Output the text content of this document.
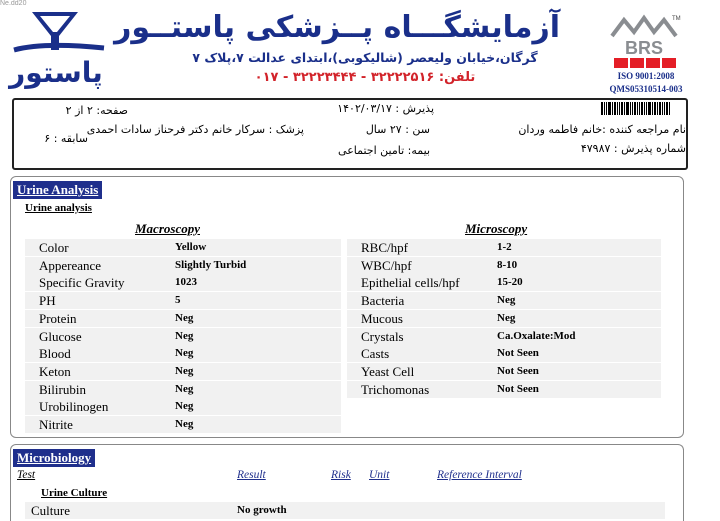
Ne.dd20
پاستور
آزمایشگـــاه پــزشکی پاستــور
گرگان،خیابان ولیعصر (شالیکوبی)،ابتدای عدالت ۷،پلاک ۷
تلفن: ۳۲۲۲۲۵۱۶ - ۳۲۲۲۳۴۴۴ - ۰۱۷
TM
BRS
ISO 9001:2008
QMS05310514-003
صفحه: ۲ از ۲	پذیرش : ۱۴۰۲/۰۳/۱۷
نام مراجعه کننده :خانم فاطمه وردان
پزشک : سرکار خانم دکتر فرحناز سادات احمدی	سن : ۲۷ سال
سابقه : ۶
بیمه: تامین اجتماعی	شماره پذیرش : ۴۷۹۸۷
Urine Analysis
Urine analysis
Macroscopy	Microscopy
Color	Yellow
Appereance	Slightly Turbid
Specific Gravity	1023
PH	5
Protein	Neg
Glucose	Neg
Blood	Neg
Keton	Neg
Bilirubin	Neg
Urobilinogen	Neg
Nitrite	Neg
RBC/hpf	1-2
WBC/hpf	8-10
Epithelial cells/hpf	15-20
Bacteria	Neg
Mucous	Neg
Crystals	Ca.Oxalate:Mod
Casts	Not Seen
Yeast Cell	Not Seen
Trichomonas	Not Seen
Microbiology
Test	Result	Risk Unit	Reference Interval
Urine Culture
Culture	No growth
